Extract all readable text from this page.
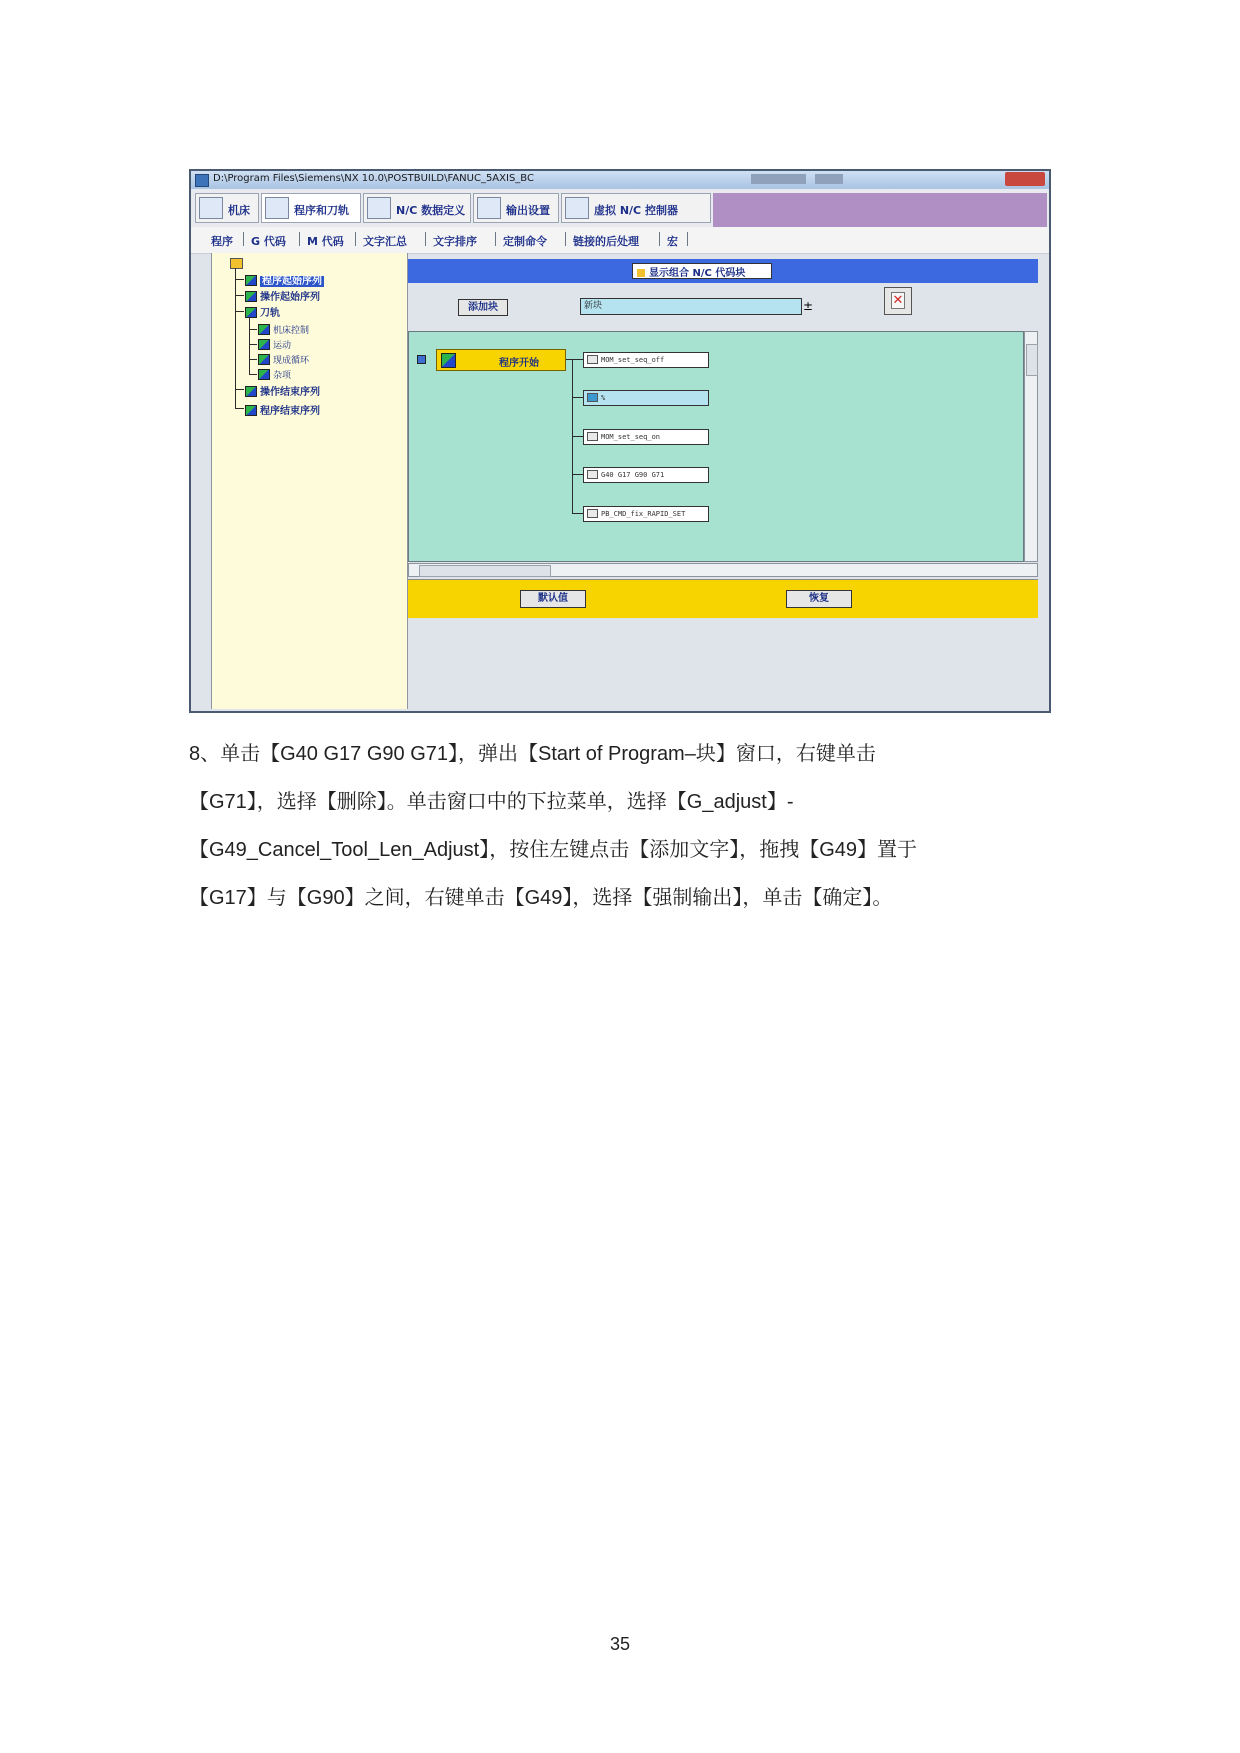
D:\Program Files\Siemens\NX 10.0\POSTBUILD\FANUC_5AXIS_BC
机床	程序和刀轨	N/C 数据定义	输出设置	虚拟 N/C 控制器
程序 G 代码 M 代码 文字汇总 文字排序 定制命令 链接的后处理	宏
程序起始序列
操作起始序列
刀轨
机床控制
运动
现成循环
杂项
操作结束序列
程序结束序列
显示组合 N/C 代码块
添加块	新块	±	✕
程序开始	MOM_set_seq_off
%
MOM_set_seq_on
G40 G17 G90 G71
PB_CMD_fix_RAPID_SET
默认值	恢复

8、单击【G40 G17 G90 G71】，弹出【Start of Program–块】窗口，右键单击

【G71】，选择【删除】。单击窗口中的下拉菜单，选择【G_adjust】-

【G49_Cancel_Tool_Len_Adjust】，按住左键点击【添加文字】，拖拽【G49】置于

【G17】与【G90】之间，右键单击【G49】，选择【强制输出】，单击【确定】。

35
